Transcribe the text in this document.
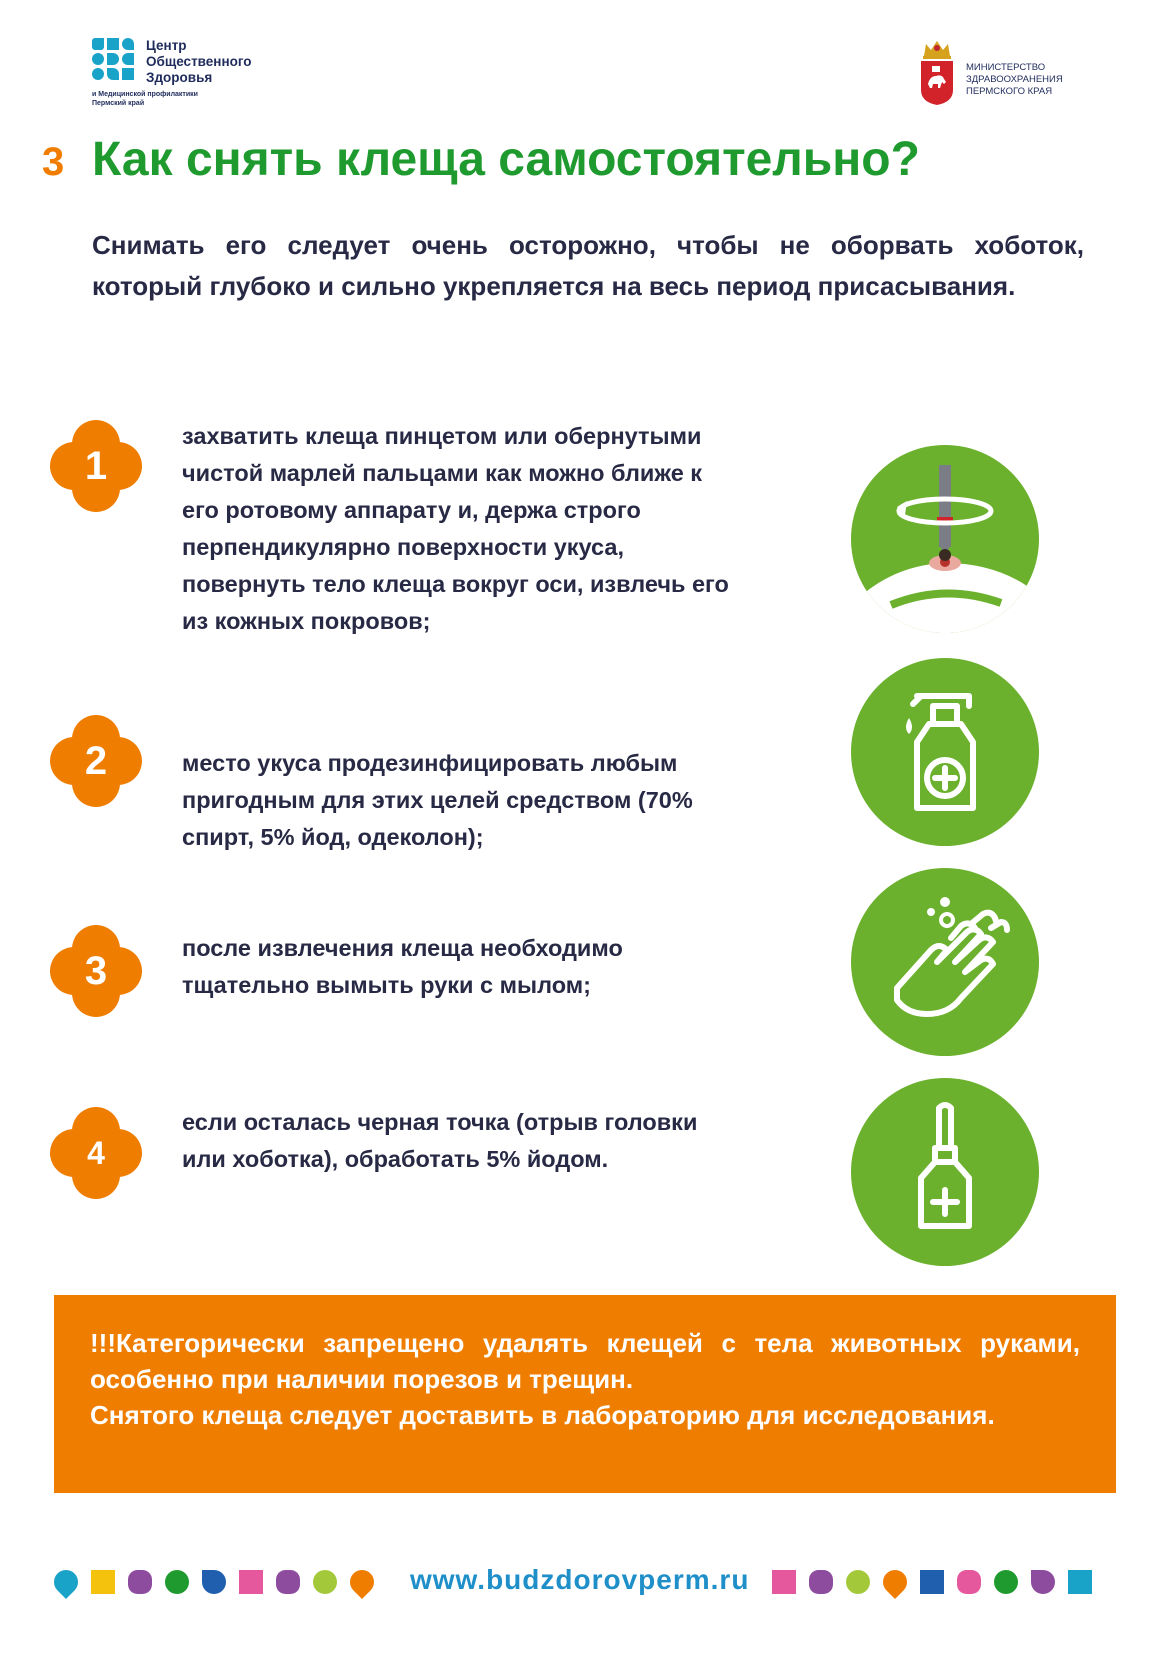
Центр
Общественного
Здоровья
и Медицинской профилактики
Пермский край
МИНИСТЕРСТВО
ЗДРАВООХРАНЕНИЯ
ПЕРМСКОГО КРАЯ
3 Как снять клеща самостоятельно?

Снимать его следует очень осторожно, чтобы не оборвать хоботок, который глубоко и сильно укрепляется на весь период присасывания.

1

захватить клеща пинцетом или обернутыми чистой марлей пальцами как можно ближе к его ротовому аппарату и, держа строго перпендикулярно поверхности укуса, повернуть тело клеща вокруг оси, извлечь его из кожных покровов;

2	место укуса продезинфицировать любым пригодным для этих целей средством (70% спирт, 5% йод, одеколон);

3

после извлечения клеща необходимо тщательно вымыть руки с мылом;

4

если осталась черная точка (отрыв головки или хоботка), обработать 5% йодом.

!!!Категорически запрещено удалять клещей с тела животных руками, особенно при наличии порезов и трещин.

Снятого клеща следует доставить в лабораторию для исследования.

www.budzdorovperm.ru
